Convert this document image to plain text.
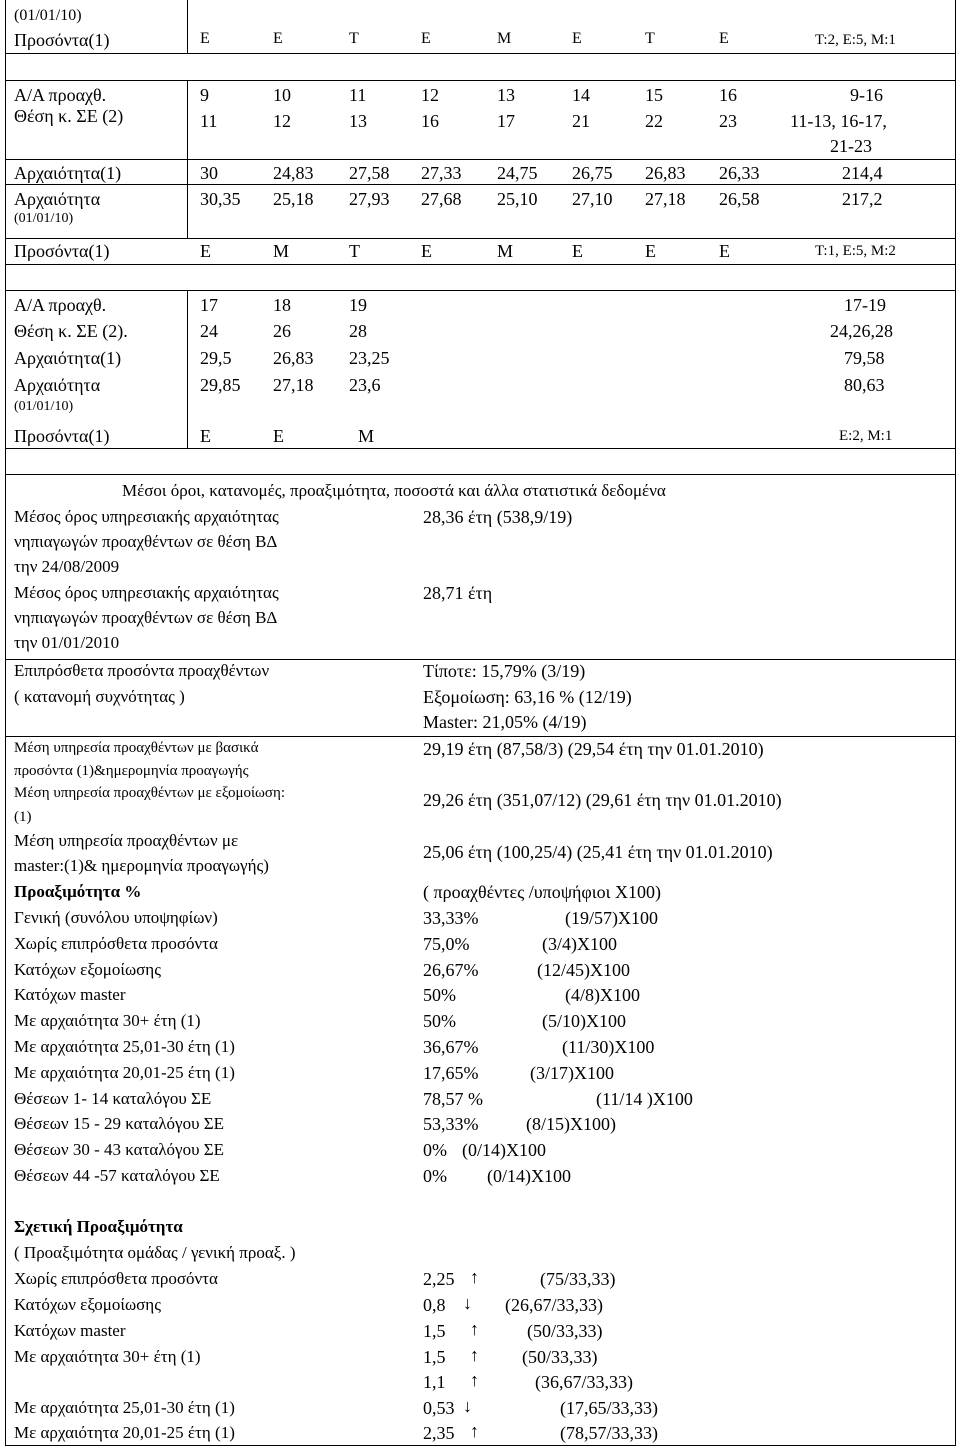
(01/01/10)
Προσόντα(1)	Ε	Ε	Τ	Ε	Μ	Ε	Τ	Ε	Τ:2, Ε:5, Μ:1
Α/Α προαχθ.	9	10	11	12	13	14	15	16	9-16
Θέση κ. ΣΕ (2)	11	12	13	16	17	21	22	23	11-13, 16-17,
21-23
Αρχαιότητα(1)	30	24,83 27,58 27,33 24,75 26,75 26,83 26,33	214,4
Αρχαιότητα
(01/01/10)
30,35 25,18 27,93 27,68 25,10 27,10 27,18 26,58	217,2
Προσόντα(1)	Ε	Μ	Τ	Ε	Μ	Ε	Ε	Ε	Τ:1, Ε:5, Μ:2
Α/Α προαχθ.	17	18	19	17-19
Θέση κ. ΣΕ (2).	24	26	28	24,26,28
Αρχαιότητα(1)	29,5 26,83 23,25	79,58
Αρχαιότητα
(01/01/10)
29,85 27,18 23,6	80,63
Προσόντα(1)	Ε	Ε	Μ	Ε:2, Μ:1
Μέσοι όροι, κατανομές, προαξιμότητα, ποσοστά και άλλα στατιστικά δεδομένα
Μέσος όρος υπηρεσιακής αρχαιότητας
νηπιαγωγών προαχθέντων σε θέση ΒΔ
την 24/08/2009
28,36 έτη (538,9/19)
Μέσος όρος υπηρεσιακής αρχαιότητας
νηπιαγωγών προαχθέντων σε θέση ΒΔ
την 01/01/2010
28,71 έτη
Επιπρόσθετα προσόντα προαχθέντων
( κατανομή συχνότητας )
Τίποτε: 15,79% (3/19)
Εξομοίωση: 63,16 % (12/19)
Master: 21,05% (4/19)
Μέση υπηρεσία προαχθέντων με βασικά
προσόντα (1)&ημερομηνία προαγωγής
29,19 έτη (87,58/3) (29,54 έτη την 01.01.2010)
Μέση υπηρεσία προαχθέντων με εξομοίωση:
(1)
29,26 έτη (351,07/12) (29,61 έτη την 01.01.2010)
Μέση υπηρεσία προαχθέντων με
master:(1)& ημερομηνία προαγωγής)
25,06 έτη (100,25/4) (25,41 έτη την 01.01.2010)
Προαξιμότητα %	( προαχθέντες /υποψήφιοι Χ100)
Γενική (συνόλου υποψηφίων)	33,33%	(19/57)Χ100
Χωρίς επιπρόσθετα προσόντα	75,0%	(3/4)Χ100
Κατόχων εξομοίωσης	26,67%	(12/45)Χ100
Κατόχων master	50%	(4/8)Χ100
Με αρχαιότητα 30+ έτη (1)	50%	(5/10)Χ100
Με αρχαιότητα 25,01-30 έτη (1)	36,67%	(11/30)Χ100
Με αρχαιότητα 20,01-25 έτη (1)	17,65%	(3/17)Χ100
Θέσεων 1- 14 καταλόγου ΣΕ	78,57 %	(11/14 )Χ100
Θέσεων 15 - 29 καταλόγου ΣΕ	53,33%	(8/15)Χ100)
Θέσεων 30 - 43 καταλόγου ΣΕ	0% (0/14)Χ100
Θέσεων 44 -57 καταλόγου ΣΕ	0% (0/14)Χ100
Σχετική Προαξιμότητα
( Προαξιμότητα ομάδας / γενική προαξ. )
Χωρίς επιπρόσθετα προσόντα	2,25 ↑	(75/33,33)
Κατόχων εξομοίωσης	0,8 ↓ (26,67/33,33)
Κατόχων master	1,5 ↑	(50/33,33)
Με αρχαιότητα 30+ έτη (1)	1,5 ↑ (50/33,33)
1,1 ↑	(36,67/33,33)
Με αρχαιότητα 25,01-30 έτη (1)	0,53 ↓	(17,65/33,33)
Με αρχαιότητα 20,01-25 έτη (1)	2,35 ↑	(78,57/33,33)
